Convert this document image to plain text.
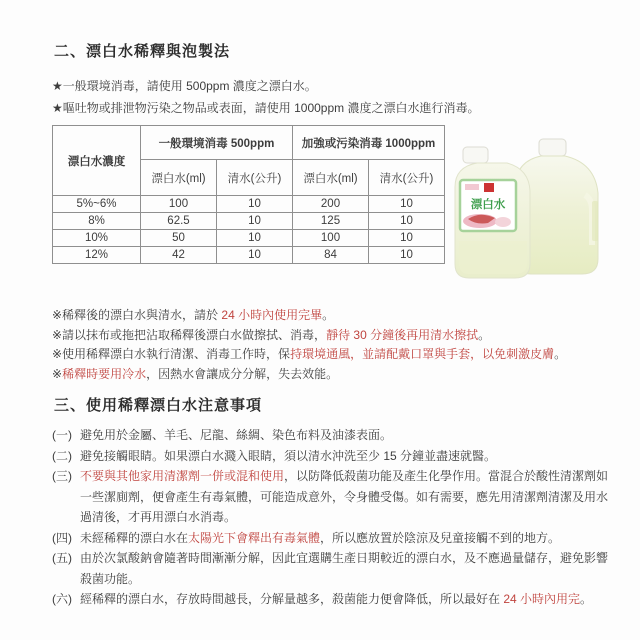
二、漂白水稀釋與泡製法

★一般環境消毒，請使用 500ppm 濃度之漂白水。

★嘔吐物或排泄物污染之物品或表面，請使用 1000ppm 濃度之漂白水進行消毒。

漂白水濃度	一般環境消毒 500ppm		加強或污染消毒 1000ppm	
	漂白水(ml)	清水(公升)	漂白水(ml)	清水(公升)
5%~6%	100	10	200	10
8%	62.5	10	125	10
10%	50	10	100	10
12%	42	10	84	10
漂白水

※稀釋後的漂白水與清水，請於 24 小時內使用完畢。

※請以抹布或拖把沾取稀釋後漂白水做擦拭、消毒，靜待 30 分鐘後再用清水擦拭。

※使用稀釋漂白水執行清潔、消毒工作時，保持環境通風，並請配戴口罩與手套，以免刺激皮膚。

※稀釋時要用冷水，因熱水會讓成分分解，失去效能。

三、使用稀釋漂白水注意事項
(一) 避免用於金屬、羊毛、尼龍、絲綢、染色布料及油漆表面。
(二) 避免接觸眼睛。如果漂白水濺入眼睛，須以清水沖洗至少 15 分鐘並盡速就醫。
(三) 不要與其他家用清潔劑一併或混和使用，以防降低殺菌功能及產生化學作用。當混合於酸性清潔劑如一些潔廁劑，便會產生有毒氣體，可能造成意外，令身體受傷。如有需要，應先用清潔劑清潔及用水過清後，才再用漂白水消毒。
(四) 未經稀釋的漂白水在太陽光下會釋出有毒氣體，所以應放置於陰涼及兒童接觸不到的地方。
(五) 由於次氯酸鈉會隨著時間漸漸分解，因此宜選購生產日期較近的漂白水，及不應過量儲存，避免影響殺菌功能。
(六) 經稀釋的漂白水，存放時間越長，分解量越多，殺菌能力便會降低，所以最好在 24 小時內用完。
